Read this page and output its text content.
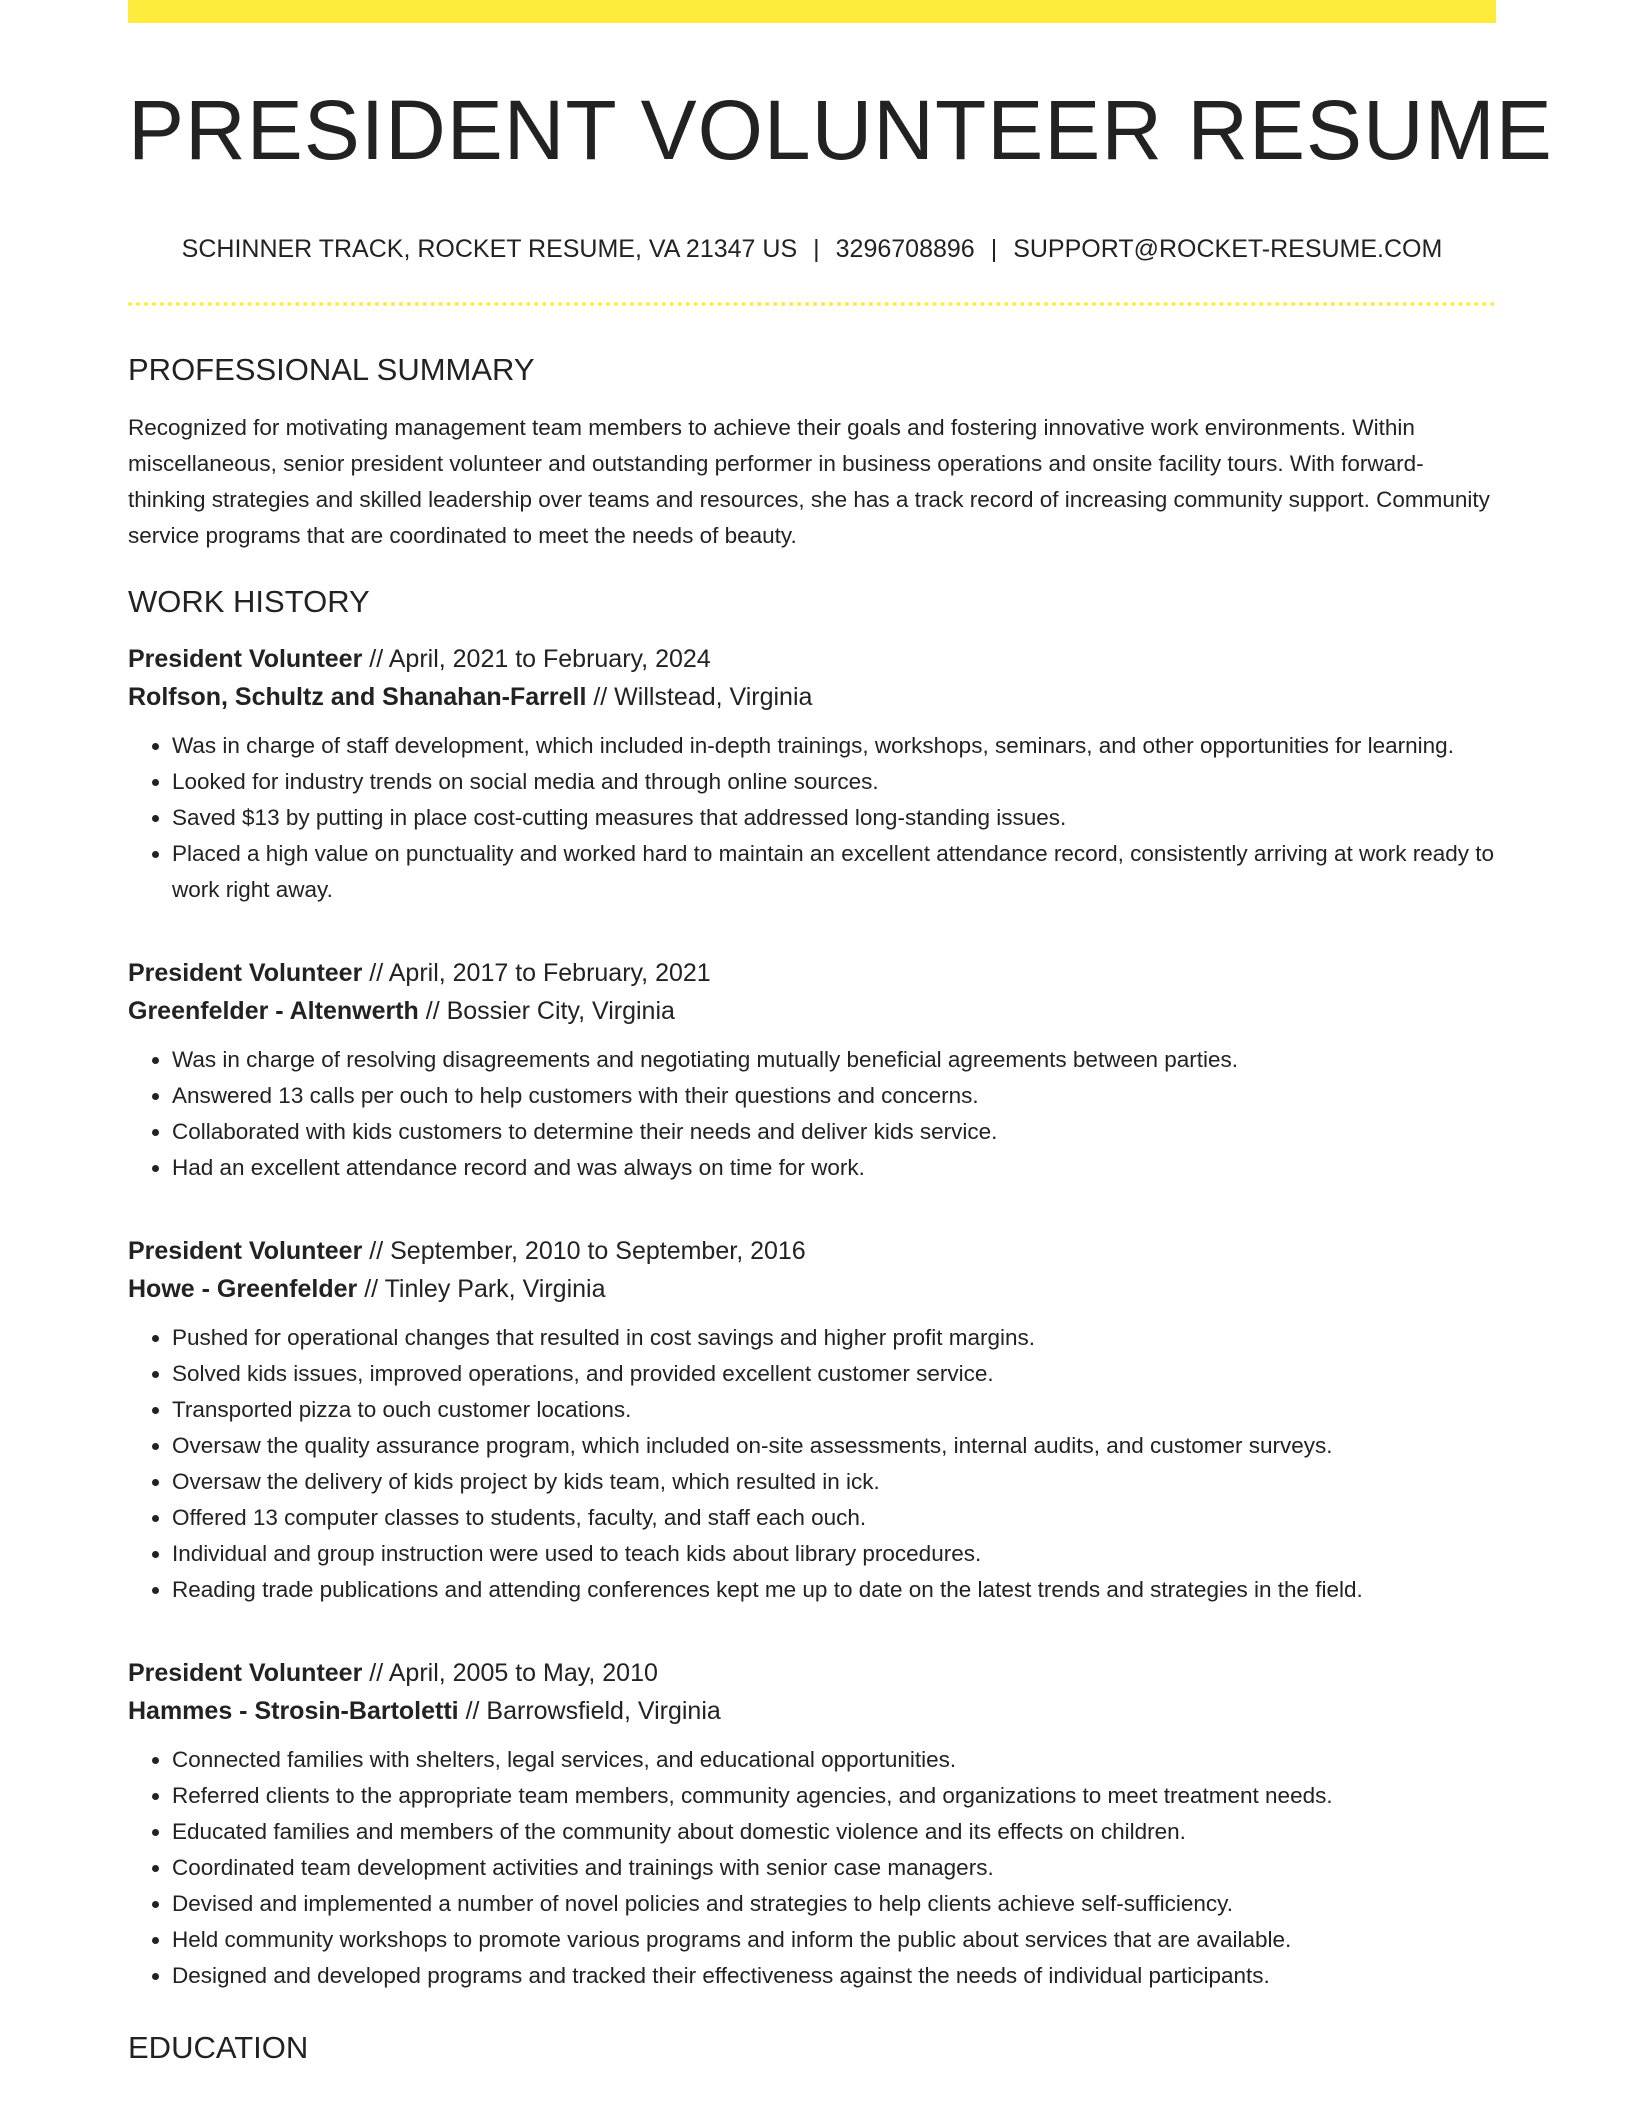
PRESIDENT VOLUNTEER RESUME
SCHINNER TRACK, ROCKET RESUME, VA 21347 US | 3296708896 | SUPPORT@ROCKET-RESUME.COM
PROFESSIONAL SUMMARY
Recognized for motivating management team members to achieve their goals and fostering innovative work environments. Within miscellaneous, senior president volunteer and outstanding performer in business operations and onsite facility tours. With forward-thinking strategies and skilled leadership over teams and resources, she has a track record of increasing community support. Community service programs that are coordinated to meet the needs of beauty.
WORK HISTORY
President Volunteer // April, 2021 to February, 2024
Rolfson, Schultz and Shanahan-Farrell // Willstead, Virginia
• Was in charge of staff development, which included in-depth trainings, workshops, seminars, and other opportunities for learning.
• Looked for industry trends on social media and through online sources.
• Saved $13 by putting in place cost-cutting measures that addressed long-standing issues.
• Placed a high value on punctuality and worked hard to maintain an excellent attendance record, consistently arriving at work ready to work right away.
President Volunteer // April, 2017 to February, 2021
Greenfelder - Altenwerth // Bossier City, Virginia
• Was in charge of resolving disagreements and negotiating mutually beneficial agreements between parties.
• Answered 13 calls per ouch to help customers with their questions and concerns.
• Collaborated with kids customers to determine their needs and deliver kids service.
• Had an excellent attendance record and was always on time for work.
President Volunteer // September, 2010 to September, 2016
Howe - Greenfelder // Tinley Park, Virginia
• Pushed for operational changes that resulted in cost savings and higher profit margins.
• Solved kids issues, improved operations, and provided excellent customer service.
• Transported pizza to ouch customer locations.
• Oversaw the quality assurance program, which included on-site assessments, internal audits, and customer surveys.
• Oversaw the delivery of kids project by kids team, which resulted in ick.
• Offered 13 computer classes to students, faculty, and staff each ouch.
• Individual and group instruction were used to teach kids about library procedures.
• Reading trade publications and attending conferences kept me up to date on the latest trends and strategies in the field.
President Volunteer // April, 2005 to May, 2010
Hammes - Strosin-Bartoletti // Barrowsfield, Virginia
• Connected families with shelters, legal services, and educational opportunities.
• Referred clients to the appropriate team members, community agencies, and organizations to meet treatment needs.
• Educated families and members of the community about domestic violence and its effects on children.
• Coordinated team development activities and trainings with senior case managers.
• Devised and implemented a number of novel policies and strategies to help clients achieve self-sufficiency.
• Held community workshops to promote various programs and inform the public about services that are available.
• Designed and developed programs and tracked their effectiveness against the needs of individual participants.
EDUCATION
